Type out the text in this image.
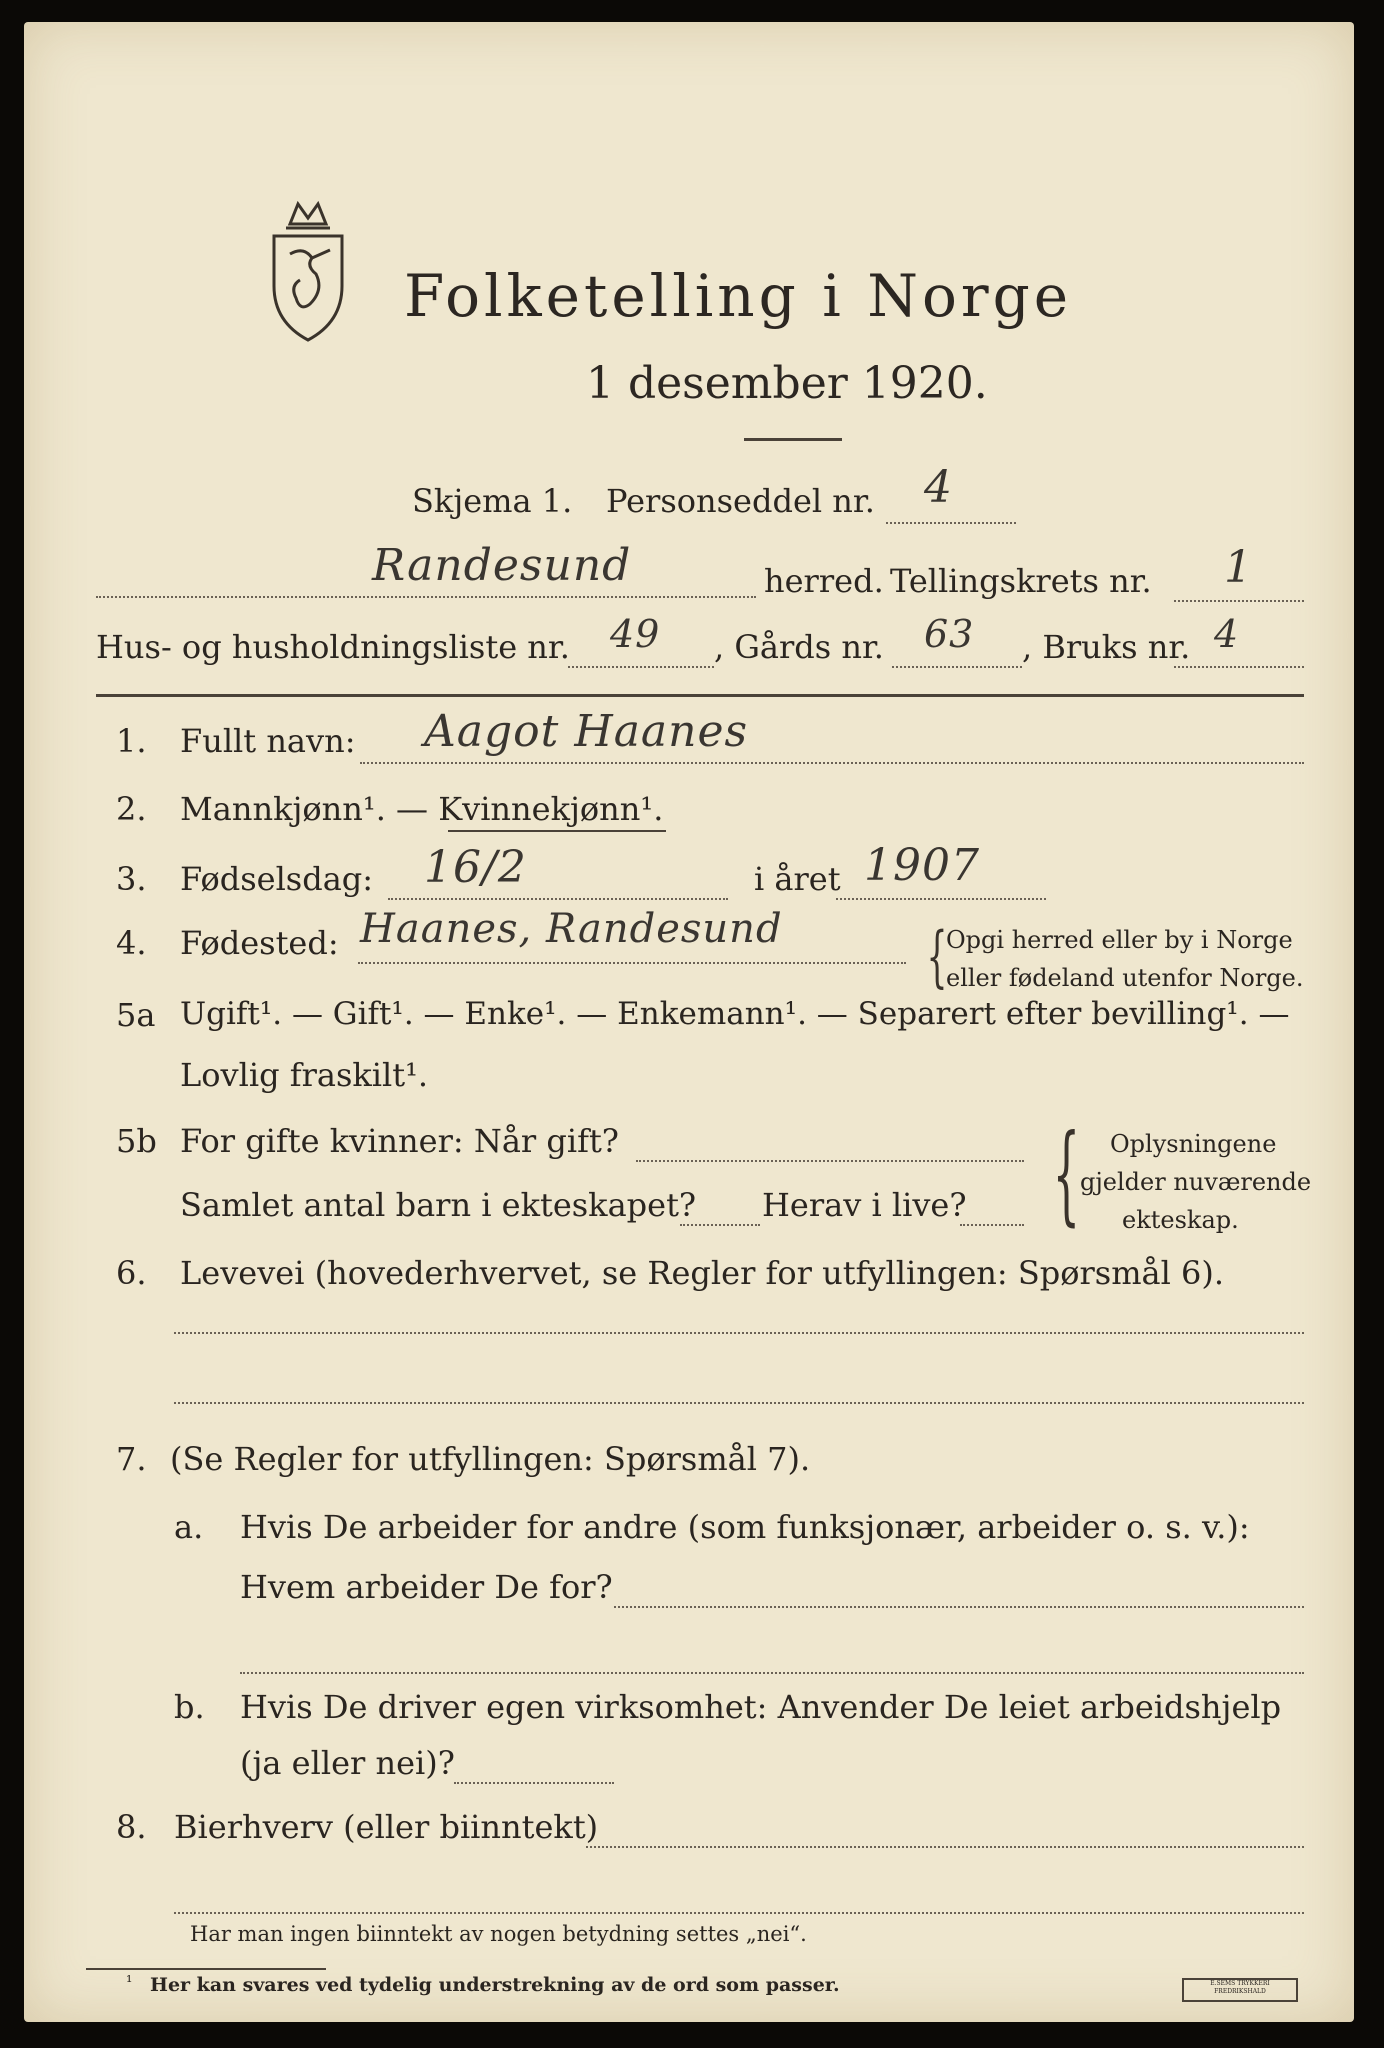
Folketelling i Norge
1 desember 1920.
Skjema 1. Personseddel nr. 4
Randesund	herred. Tellingskrets nr. 1
Hus- og husholdningsliste nr. 49 , Gårds nr. 63 , Bruks nr. 4
1. Fullt navn: Aagot Haanes
2. Mannkjønn¹. — Kvinnekjønn¹.
3. Fødselsdag: 16/2	i året 1907
4. Fødested: Haanes, Randesund {
Opgi herred eller by i Norge
eller fødeland utenfor Norge.
5a Ugift¹. — Gift¹. — Enke¹. — Enkemann¹. — Separert efter bevilling¹. —
Lovlig fraskilt¹.
5b For gifte kvinner: Når gift?
Samlet antal barn i ekteskapet? Herav i live? { Oplysningene
gjelder nuværende
ekteskap.
6. Levevei (hovederhvervet, se Regler for utfyllingen: Spørsmål 6).
7. (Se Regler for utfyllingen: Spørsmål 7).
a. Hvis De arbeider for andre (som funksjonær, arbeider o. s. v.):
Hvem arbeider De for?
b. Hvis De driver egen virksomhet: Anvender De leiet arbeidshjelp
(ja eller nei)?
8. Bierhverv (eller biinntekt)
Har man ingen biinntekt av nogen betydning settes „nei“.
¹ Her kan svares ved tydelig understrekning av de ord som passer.	E.SEMS TRYKKERI FREDRIKSHALD
